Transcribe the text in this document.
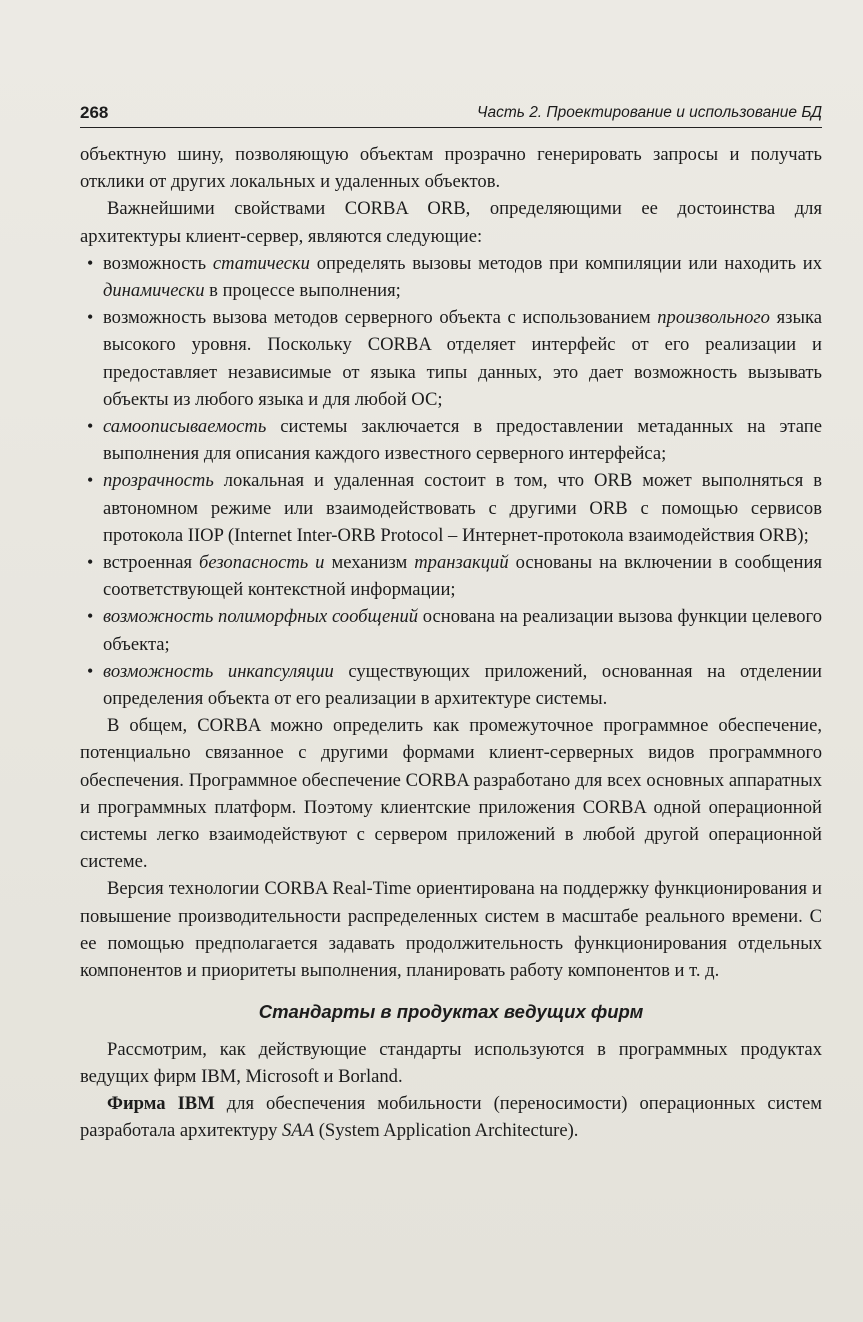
268	Часть 2. Проектирование и использование БД

объектную шину, позволяющую объектам прозрачно генерировать запросы и получать отклики от других локальных и удаленных объектов.

Важнейшими свойствами CORBA ORB, определяющими ее достоинства для архитектуры клиент-сервер, являются следующие:

• возможность статически определять вызовы методов при компиляции или находить их динамически в процессе выполнения;
• возможность вызова методов серверного объекта с использованием произвольного языка высокого уровня. Поскольку CORBA отделяет интерфейс от его реализации и предоставляет независимые от языка типы данных, это дает возможность вызывать объекты из любого языка и для любой ОС;
• самоописываемость системы заключается в предоставлении метаданных на этапе выполнения для описания каждого известного серверного интерфейса;
• прозрачность локальная и удаленная состоит в том, что ORB может выполняться в автономном режиме или взаимодействовать с другими ORB с помощью сервисов протокола IIOP (Internet Inter-ORB Protocol – Интернет-протокола взаимодействия ORB);
• встроенная безопасность и механизм транзакций основаны на включении в сообщения соответствующей контекстной информации;
• возможность полиморфных сообщений основана на реализации вызова функции целевого объекта;
• возможность инкапсуляции существующих приложений, основанная на отделении определения объекта от его реализации в архитектуре системы.

В общем, CORBA можно определить как промежуточное программное обеспечение, потенциально связанное с другими формами клиент-серверных видов программного обеспечения. Программное обеспечение CORBA разработано для всех основных аппаратных и программных платформ. Поэтому клиентские приложения CORBA одной операционной системы легко взаимодействуют с сервером приложений в любой другой операционной системе.

Версия технологии CORBA Real-Time ориентирована на поддержку функционирования и повышение производительности распределенных систем в масштабе реального времени. С ее помощью предполагается задавать продолжительность функционирования отдельных компонентов и приоритеты выполнения, планировать работу компонентов и т. д.

Стандарты в продуктах ведущих фирм

Рассмотрим, как действующие стандарты используются в программных продуктах ведущих фирм IBM, Microsoft и Borland.

Фирма IBM для обеспечения мобильности (переносимости) операционных систем разработала архитектуру SAA (System Application Architecture).
